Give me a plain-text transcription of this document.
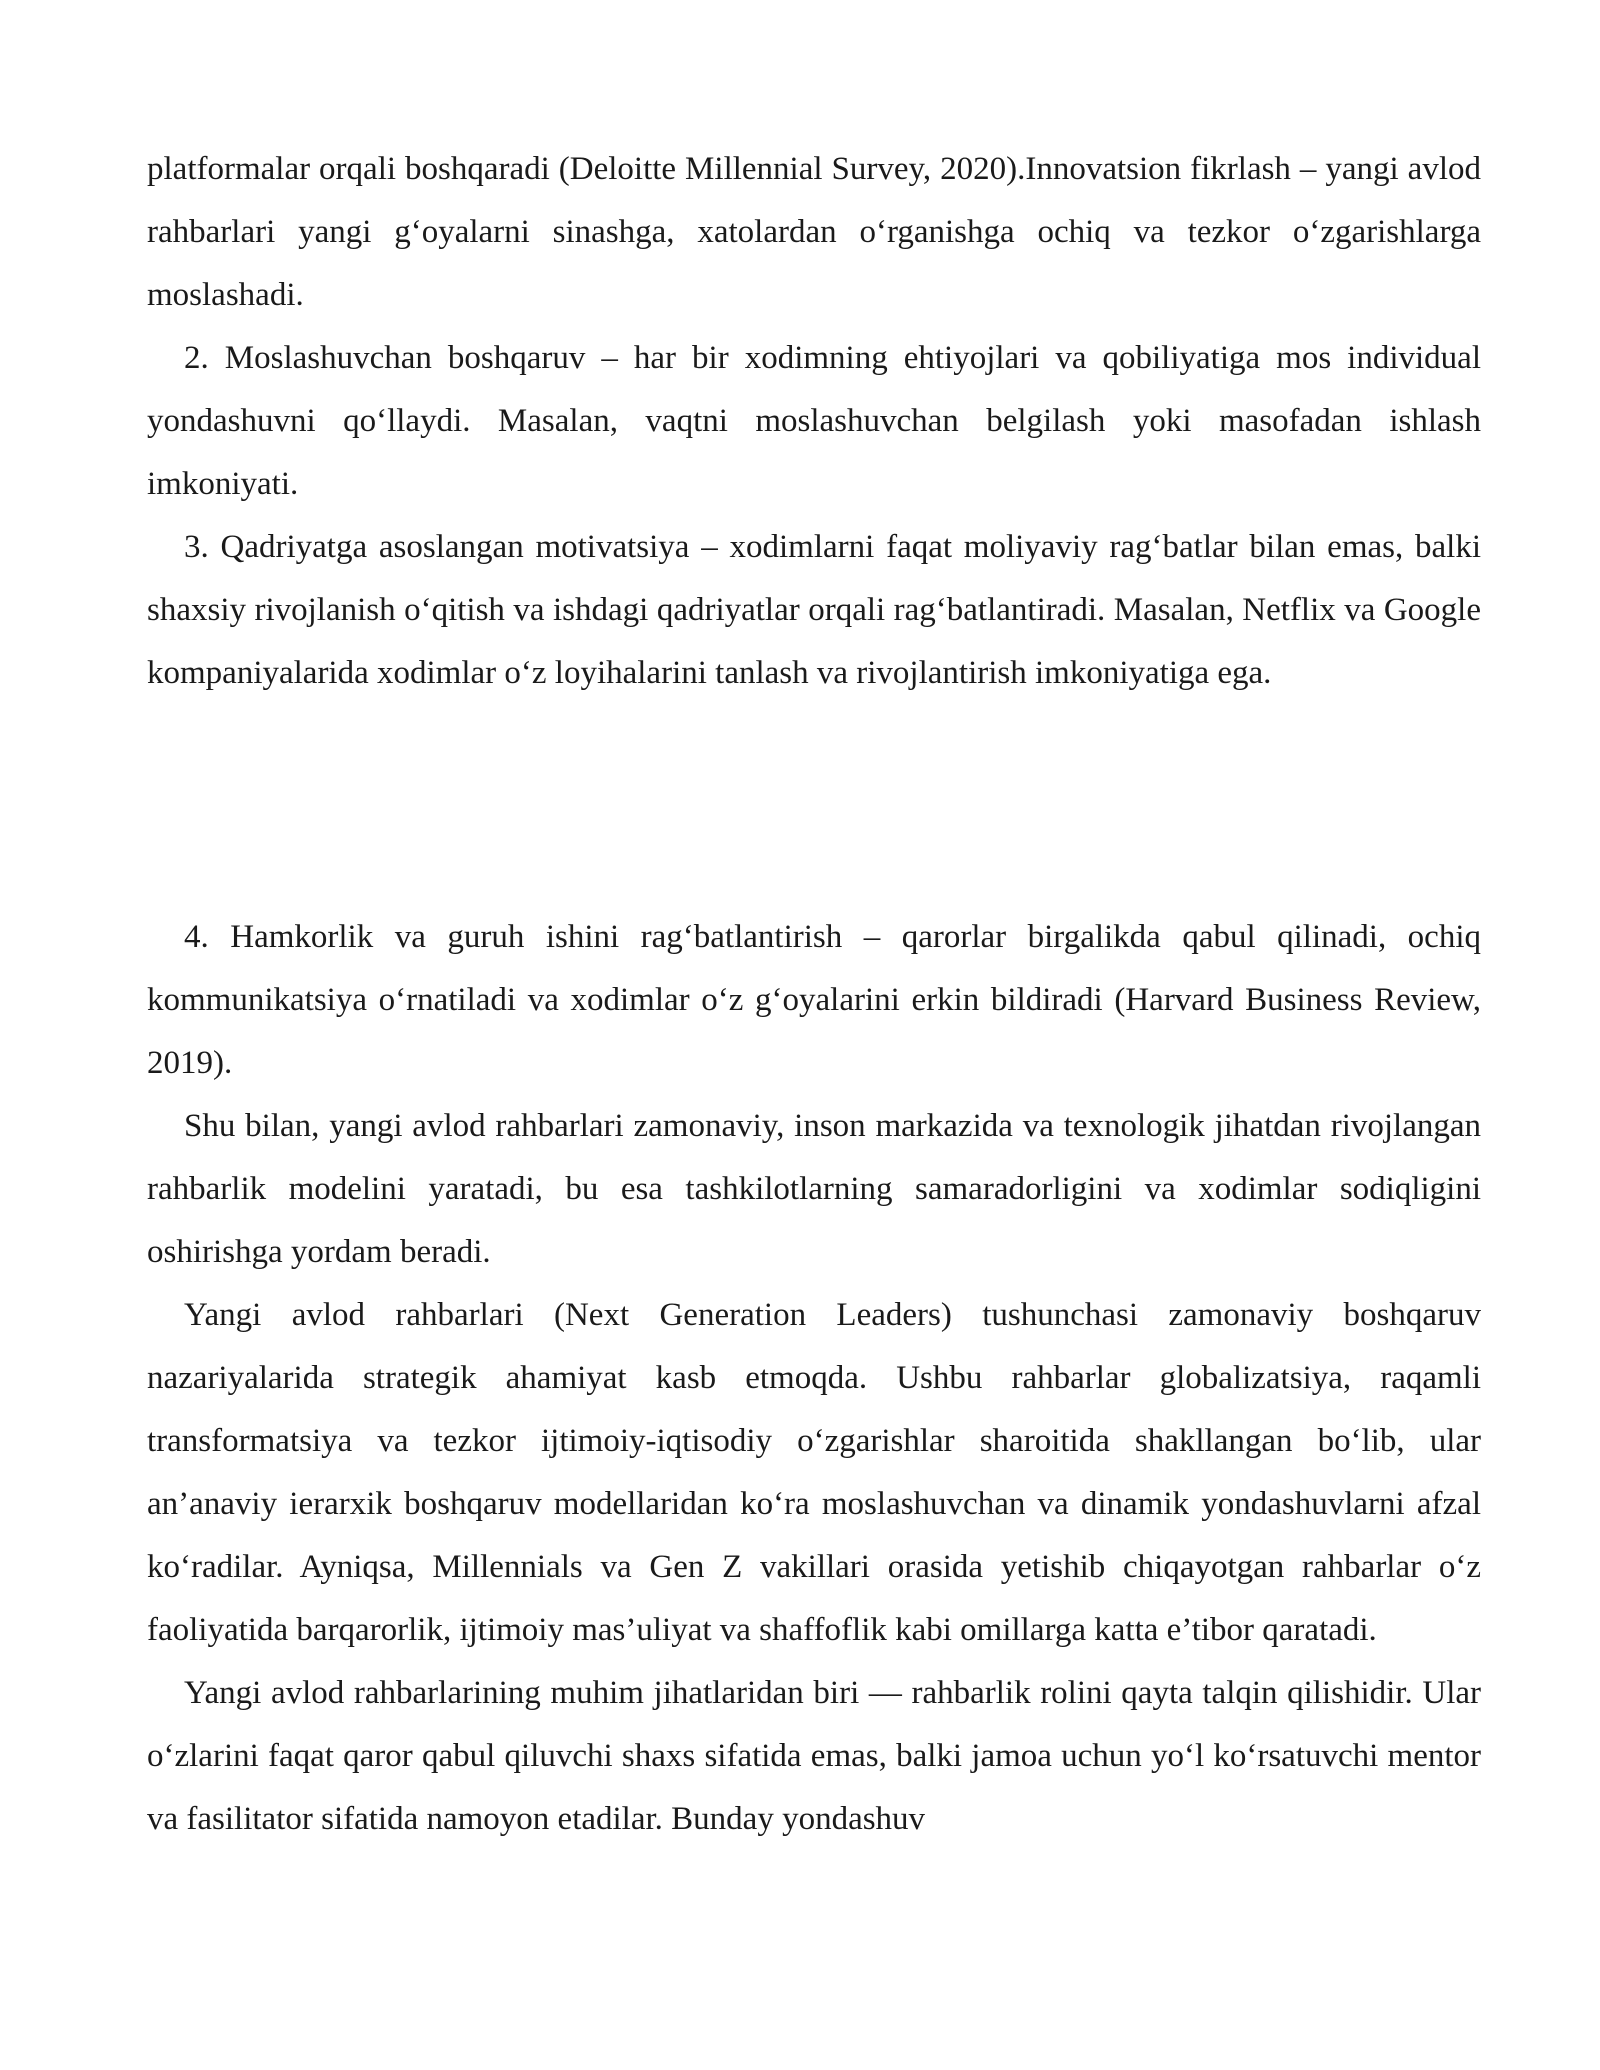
platformalar orqali boshqaradi (Deloitte Millennial Survey, 2020).Innovatsion fikrlash – yangi avlod rahbarlari yangi g‘oyalarni sinashga, xatolardan o‘rganishga ochiq va tezkor o‘zgarishlarga moslashadi.

2. Moslashuvchan boshqaruv – har bir xodimning ehtiyojlari va qobiliyatiga mos individual yondashuvni qo‘llaydi. Masalan, vaqtni moslashuvchan belgilash yoki masofadan ishlash imkoniyati.

3. Qadriyatga asoslangan motivatsiya – xodimlarni faqat moliyaviy rag‘batlar bilan emas, balki shaxsiy rivojlanish o‘qitish va ishdagi qadriyatlar orqali rag‘batlantiradi. Masalan, Netflix va Google kompaniyalarida xodimlar o‘z loyihalarini tanlash va rivojlantirish imkoniyatiga ega.

4. Hamkorlik va guruh ishini rag‘batlantirish – qarorlar birgalikda qabul qilinadi, ochiq kommunikatsiya o‘rnatiladi va xodimlar o‘z g‘oyalarini erkin bildiradi (Harvard Business Review, 2019).

Shu bilan, yangi avlod rahbarlari zamonaviy, inson markazida va texnologik jihatdan rivojlangan rahbarlik modelini yaratadi, bu esa tashkilotlarning samaradorligini va xodimlar sodiqligini oshirishga yordam beradi.

Yangi avlod rahbarlari (Next Generation Leaders) tushunchasi zamonaviy boshqaruv nazariyalarida strategik ahamiyat kasb etmoqda. Ushbu rahbarlar globalizatsiya, raqamli transformatsiya va tezkor ijtimoiy-iqtisodiy o‘zgarishlar sharoitida shakllangan bo‘lib, ular an’anaviy ierarxik boshqaruv modellaridan ko‘ra moslashuvchan va dinamik yondashuvlarni afzal ko‘radilar. Ayniqsa, Millennials va Gen Z vakillari orasida yetishib chiqayotgan rahbarlar o‘z faoliyatida barqarorlik, ijtimoiy mas’uliyat va shaffoflik kabi omillarga katta e’tibor qaratadi.

Yangi avlod rahbarlarining muhim jihatlaridan biri — rahbarlik rolini qayta talqin qilishidir. Ular o‘zlarini faqat qaror qabul qiluvchi shaxs sifatida emas, balki jamoa uchun yo‘l ko‘rsatuvchi mentor va fasilitator sifatida namoyon etadilar. Bunday yondashuv
